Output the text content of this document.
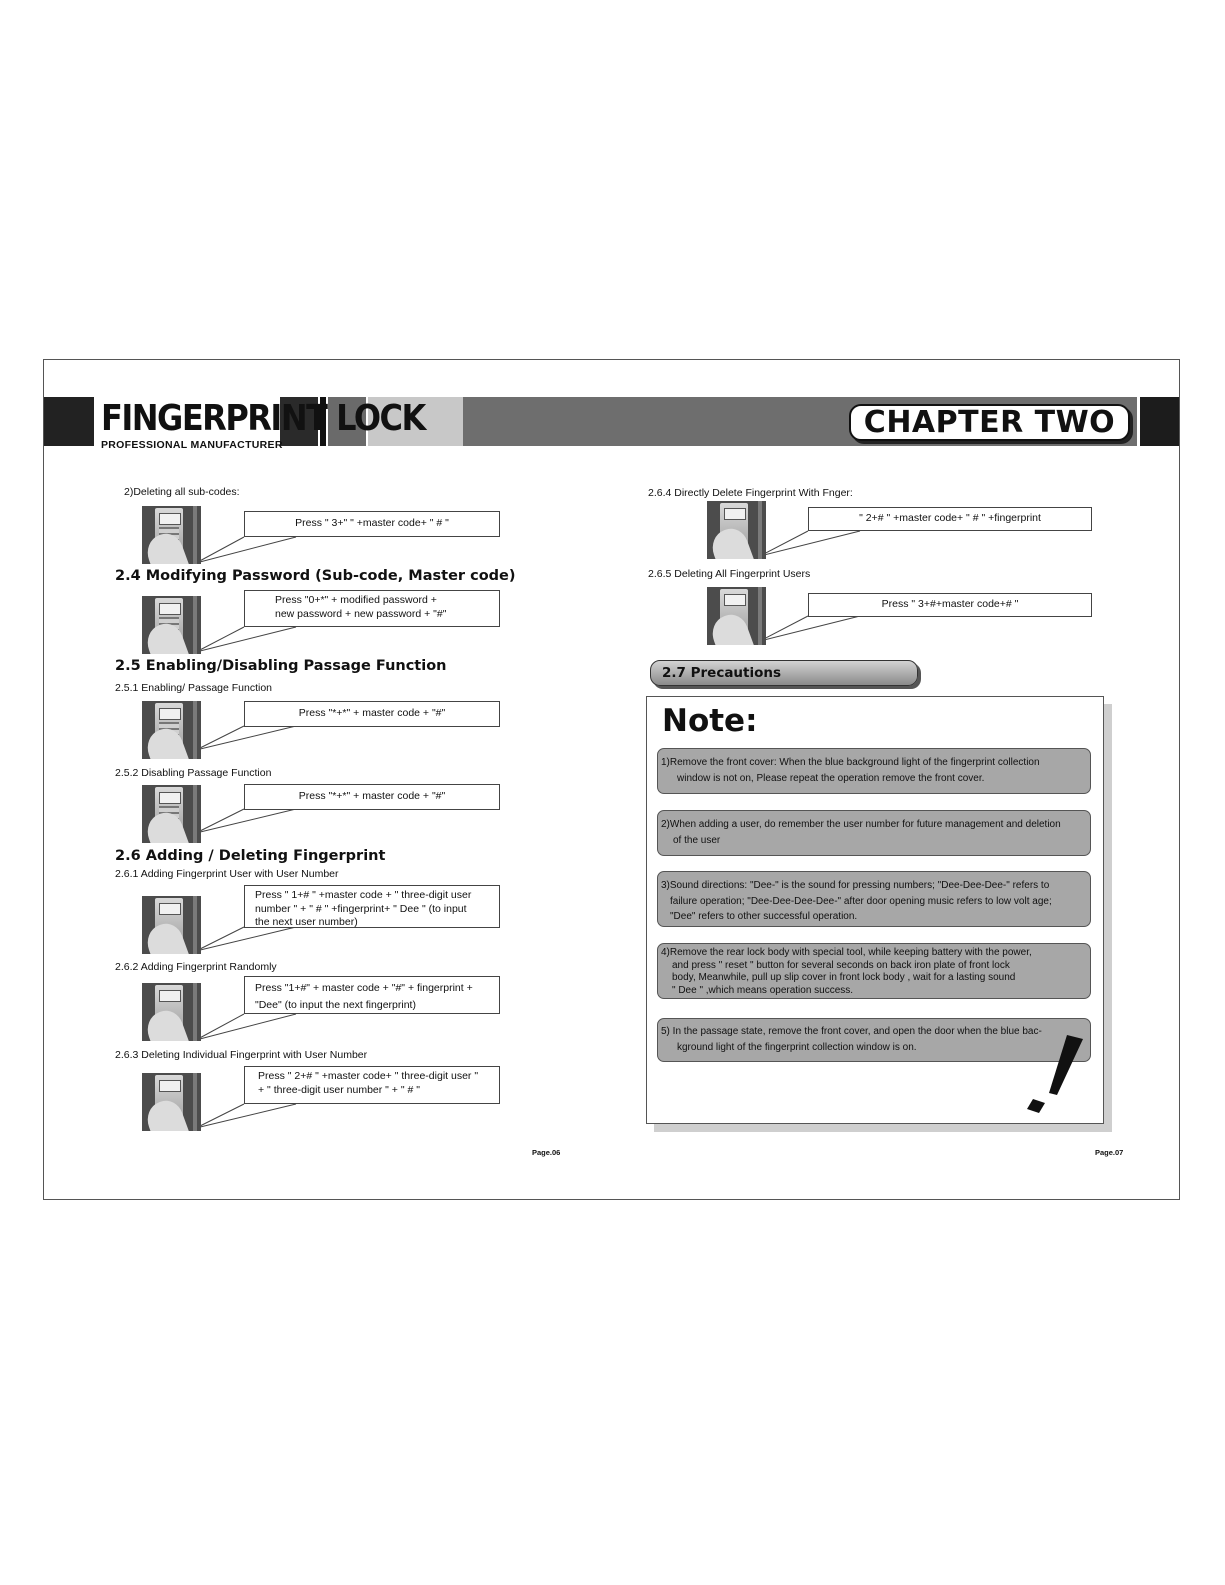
FINGERPRINT LOCK
PROFESSIONAL MANUFACTURER
CHAPTER TWO
2)Deleting all sub-codes:
Press " 3+" " +master code+ " # "
2.4 Modifying Password (Sub-code, Master code)
Press "0+*" + modified password +
new password + new password + "#"
2.5 Enabling/Disabling Passage Function
2.5.1 Enabling/ Passage Function
Press "*+*" + master code + "#"
2.5.2 Disabling Passage Function
Press "*+*" + master code + "#"
2.6 Adding / Deleting Fingerprint
2.6.1 Adding Fingerprint User with User Number
Press " 1+# " +master code + " three-digit user
number " + " # " +fingerprint+ " Dee " (to input
the next user number)
2.6.2 Adding Fingerprint Randomly
Press "1+#" + master code + "#" + fingerprint +
"Dee" (to input the next fingerprint)
2.6.3 Deleting Individual Fingerprint with User Number
Press " 2+# " +master code+ " three-digit user "
+ " three-digit user number " + " # "
Page.06
2.6.4 Directly Delete Fingerprint With Fnger:
" 2+# " +master code+ " # " +fingerprint
2.6.5 Deleting All Fingerprint Users
Press " 3+#+master code+# "
2.7 Precautions
Note:
1)Remove the front cover: When the blue background light of the fingerprint collection
window is not on, Please repeat the operation remove the front cover.
2)When adding a user, do remember the user number for future management and deletion
of the user
3)Sound directions: "Dee-" is the sound for pressing numbers; "Dee-Dee-Dee-" refers to
failure operation; "Dee-Dee-Dee-Dee-" after door opening music refers to low volt age;
"Dee" refers to other successful operation.
4)Remove the rear lock body with special tool, while keeping battery with the power,
and press " reset " button for several seconds on back iron plate of front lock
body, Meanwhile, pull up slip cover in front lock body , wait for a lasting sound
" Dee " ,which means operation success.
5) In the passage state, remove the front cover, and open the door when the blue bac-
kground light of the fingerprint collection window is on.
Page.07
